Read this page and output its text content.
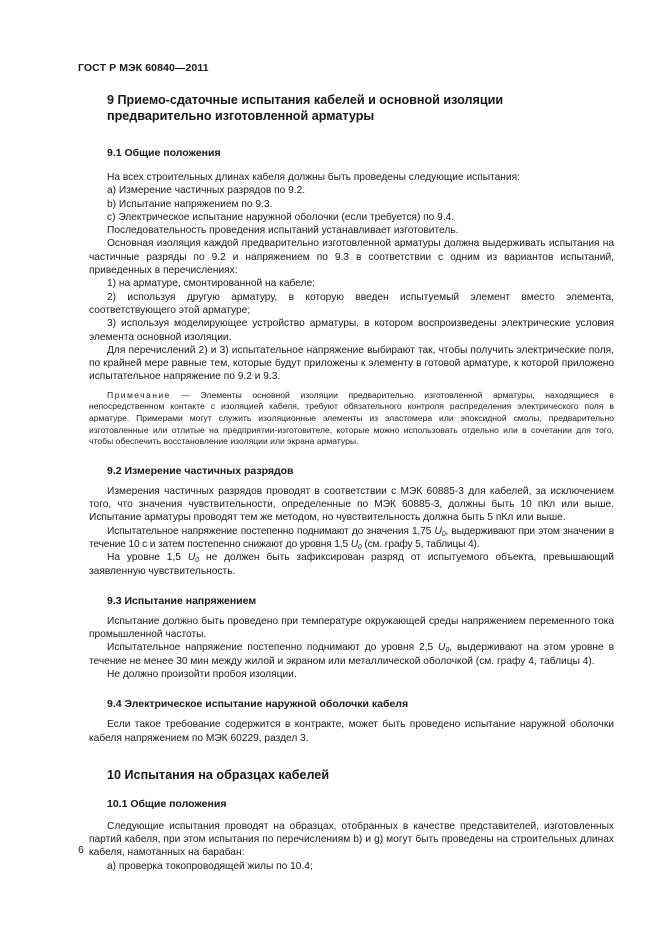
ГОСТ Р МЭК 60840—2011

9 Приемо-сдаточные испытания кабелей и основной изоляции предварительно изготовленной арматуры

9.1 Общие положения

На всех строительных длинах кабеля должны быть проведены следующие испытания:

а) Измерение частичных разрядов по 9.2.

b) Испытание напряжением по 9.3.

с) Электрическое испытание наружной оболочки (если требуется) по 9.4.

Последовательность проведения испытаний устанавливает изготовитель.

Основная изоляция каждой предварительно изготовленной арматуры должна выдерживать испытания на частичные разряды по 9.2 и напряжением по 9.3 в соответствии с одним из вариантов испытаний, приведенных в перечислениях:

1) на арматуре, смонтированной на кабеле;

2) используя другую арматуру, в которую введен испытуемый элемент вместо элемента, соответствующего этой арматуре;

3) используя моделирующее устройство арматуры, в котором воспроизведены электрические условия элемента основной изоляции.

Для перечислений 2) и 3) испытательное напряжение выбирают так, чтобы получить электрические поля, по крайней мере равные тем, которые будут приложены к элементу в готовой арматуре, к которой приложено испытательное напряжение по 9.2 и 9.3.

Примечание — Элементы основной изоляции предварительно изготовленной арматуры, находящиеся в непосредственном контакте с изоляцией кабеля, требуют обязательного контроля распределения электрического поля в арматуре. Примерами могут служить изоляционные элементы из эластомера или эпоксидной смолы, предварительно изготовленные или отлитые на предприятии-изготовителе, которые можно использовать отдельно или в сочетании для того, чтобы обеспечить восстановление изоляции или экрана арматуры.

9.2 Измерение частичных разрядов

Измерения частичных разрядов проводят в соответствии с МЭК 60885-3 для кабелей, за исключением того, что значения чувствительности, определенные по МЭК 60885-3, должны быть 10 пКл или выше. Испытание арматуры проводят тем же методом, но чувствительность должна быть 5 пКл или выше.

Испытательное напряжение постепенно поднимают до значения 1,75 $U_0$, выдерживают при этом значении в течение 10 с и затем постепенно снижают до уровня 1,5 $U_0$ (см. графу 5, таблицы 4).

На уровне 1,5 $U_0$ не должен быть зафиксирован разряд от испытуемого объекта, превышающий заявленную чувствительность.

9.3 Испытание напряжением

Испытание должно быть проведено при температуре окружающей среды напряжением переменного тока промышленной частоты.

Испытательное напряжение постепенно поднимают до уровня 2,5 $U_0$, выдерживают на этом уровне в течение не менее 30 мин между жилой и экраном или металлической оболочкой (см. графу 4, таблицы 4).

Не должно произойти пробоя изоляции.

9.4 Электрическое испытание наружной оболочки кабеля

Если такое требование содержится в контракте, может быть проведено испытание наружной оболочки кабеля напряжением по МЭК 60229, раздел 3.

10 Испытания на образцах кабелей

10.1 Общие положения

Следующие испытания проводят на образцах, отобранных в качестве представителей, изготовленных партий кабеля, при этом испытания по перечислениям b) и g) могут быть проведены на строительных длинах кабеля, намотанных на барабан:

а) проверка токопроводящей жилы по 10.4;

6
